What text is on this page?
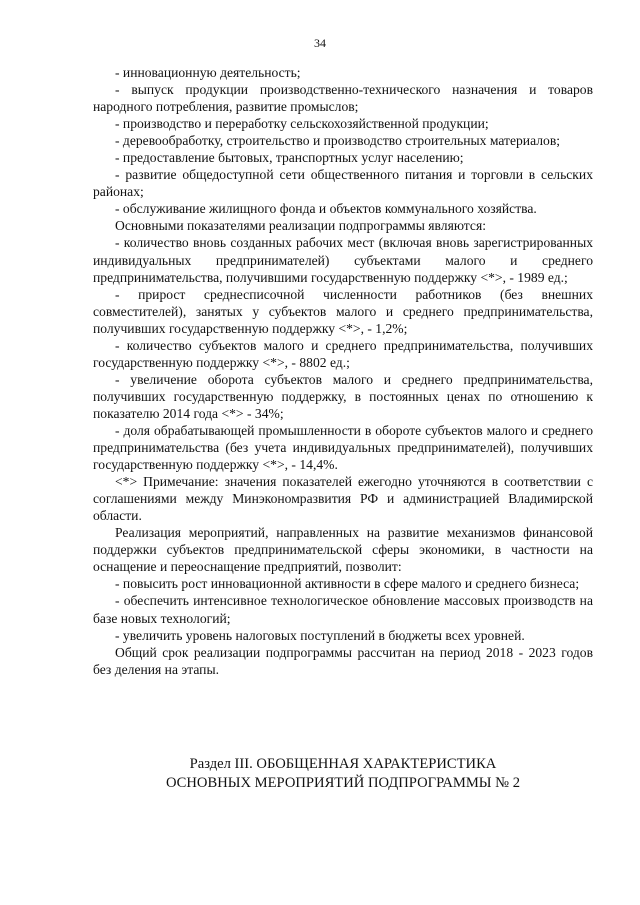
34

- инновационную деятельность;

- выпуск продукции производственно-технического назначения и товаров народного потребления, развитие промыслов;

- производство и переработку сельскохозяйственной продукции;

- деревообработку, строительство и производство строительных материалов;

- предоставление бытовых, транспортных услуг населению;

- развитие общедоступной сети общественного питания и торговли в сельских районах;

- обслуживание жилищного фонда и объектов коммунального хозяйства.

Основными показателями реализации подпрограммы являются:

- количество вновь созданных рабочих мест (включая вновь зарегистрированных индивидуальных предпринимателей) субъектами малого и среднего предпринимательства, получившими государственную поддержку <*>, - 1989 ед.;

- прирост среднесписочной численности работников (без внешних совместителей), занятых у субъектов малого и среднего предпринимательства, получивших государственную поддержку <*>, - 1,2%;

- количество субъектов малого и среднего предпринимательства, получивших государственную поддержку <*>, - 8802 ед.;

- увеличение оборота субъектов малого и среднего предпринимательства, получивших государственную поддержку, в постоянных ценах по отношению к показателю 2014 года <*> - 34%;

- доля обрабатывающей промышленности в обороте субъектов малого и среднего предпринимательства (без учета индивидуальных предпринимателей), получивших государственную поддержку <*>, - 14,4%.

<*> Примечание: значения показателей ежегодно уточняются в соответствии с соглашениями между Минэкономразвития РФ и администрацией Владимирской области.

Реализация мероприятий, направленных на развитие механизмов финансовой поддержки субъектов предпринимательской сферы экономики, в частности на оснащение и переоснащение предприятий, позволит:

- повысить рост инновационной активности в сфере малого и среднего бизнеса;

- обеспечить интенсивное технологическое обновление массовых производств на базе новых технологий;

- увеличить уровень налоговых поступлений в бюджеты всех уровней.

Общий срок реализации подпрограммы рассчитан на период 2018 - 2023 годов без деления на этапы.

Раздел III. ОБОБЩЕННАЯ ХАРАКТЕРИСТИКА
ОСНОВНЫХ МЕРОПРИЯТИЙ ПОДПРОГРАММЫ № 2
